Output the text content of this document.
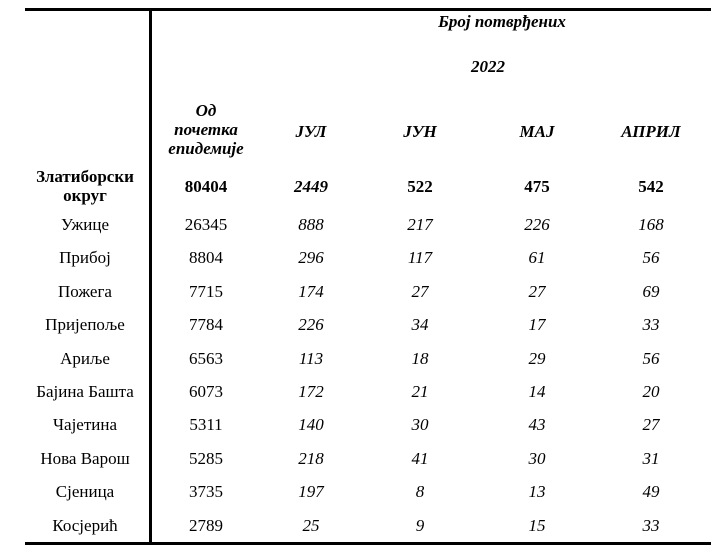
Број потврђених
2022
Од
почетка
епидемије
ЈУЛ	ЈУН	МАЈ	АПРИЛ
Златиборски
округ	80404	2449	522	475	542
Ужице	26345	888	217	226	168
Прибој	8804	296	117	61	56
Пожега	7715	174	27	27	69
Пријепоље	7784	226	34	17	33
Ариље	6563	113	18	29	56
Бајина Башта	6073	172	21	14	20
Чајетина	5311	140	30	43	27
Нова Варош	5285	218	41	30	31
Сјеница	3735	197	8	13	49
Косјерић	2789	25	9	15	33
